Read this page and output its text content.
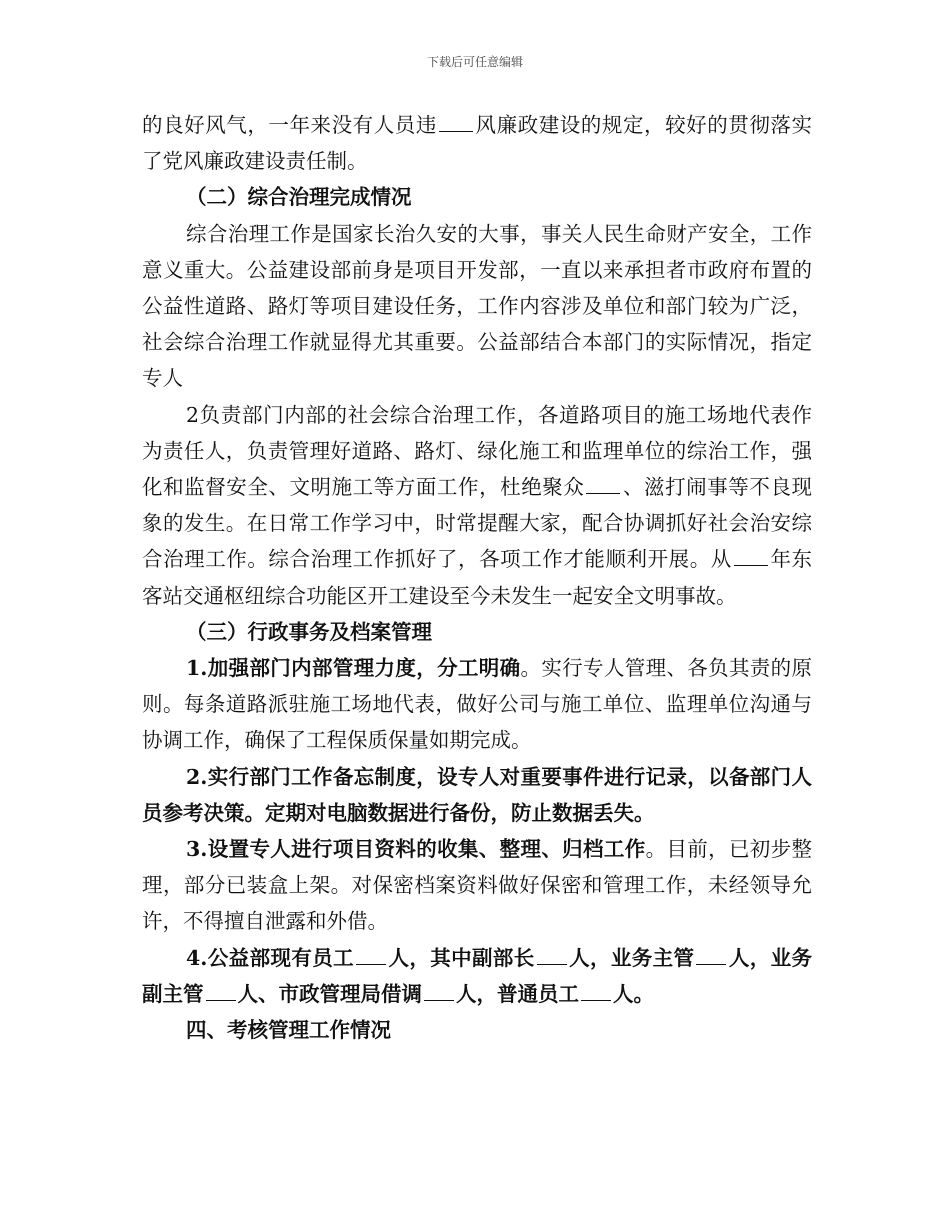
下载后可任意编辑

的良好风气，一年来没有人员违 风廉政建设的规定，较好的贯彻落实了党风廉政建设责任制。

（二）综合治理完成情况

综合治理工作是国家长治久安的大事，事关人民生命财产安全，工作意义重大。公益建设部前身是项目开发部，一直以来承担者市政府布置的公益性道路、路灯等项目建设任务，工作内容涉及单位和部门较为广泛，社会综合治理工作就显得尤其重要。公益部结合本部门的实际情况，指定专人

2负责部门内部的社会综合治理工作，各道路项目的施工场地代表作为责任人，负责管理好道路、路灯、绿化施工和监理单位的综治工作，强化和监督安全、文明施工等方面工作，杜绝聚众 、滋打闹事等不良现象的发生。在日常工作学习中，时常提醒大家，配合协调抓好社会治安综合治理工作。综合治理工作抓好了，各项工作才能顺利开展。从 年东客站交通枢纽综合功能区开工建设至今未发生一起安全文明事故。

（三）行政事务及档案管理

1.加强部门内部管理力度，分工明确。实行专人管理、各负其责的原则。每条道路派驻施工场地代表，做好公司与施工单位、监理单位沟通与协调工作，确保了工程保质保量如期完成。

2.实行部门工作备忘制度，设专人对重要事件进行记录，以备部门人员参考决策。定期对电脑数据进行备份，防止数据丢失。

3.设置专人进行项目资料的收集、整理、归档工作。目前，已初步整理，部分已装盒上架。对保密档案资料做好保密和管理工作，未经领导允许，不得擅自泄露和外借。

4.公益部现有员工 人，其中副部长 人，业务主管 人，业务副主管 人、市政管理局借调 人，普通员工 人。

四、考核管理工作情况
